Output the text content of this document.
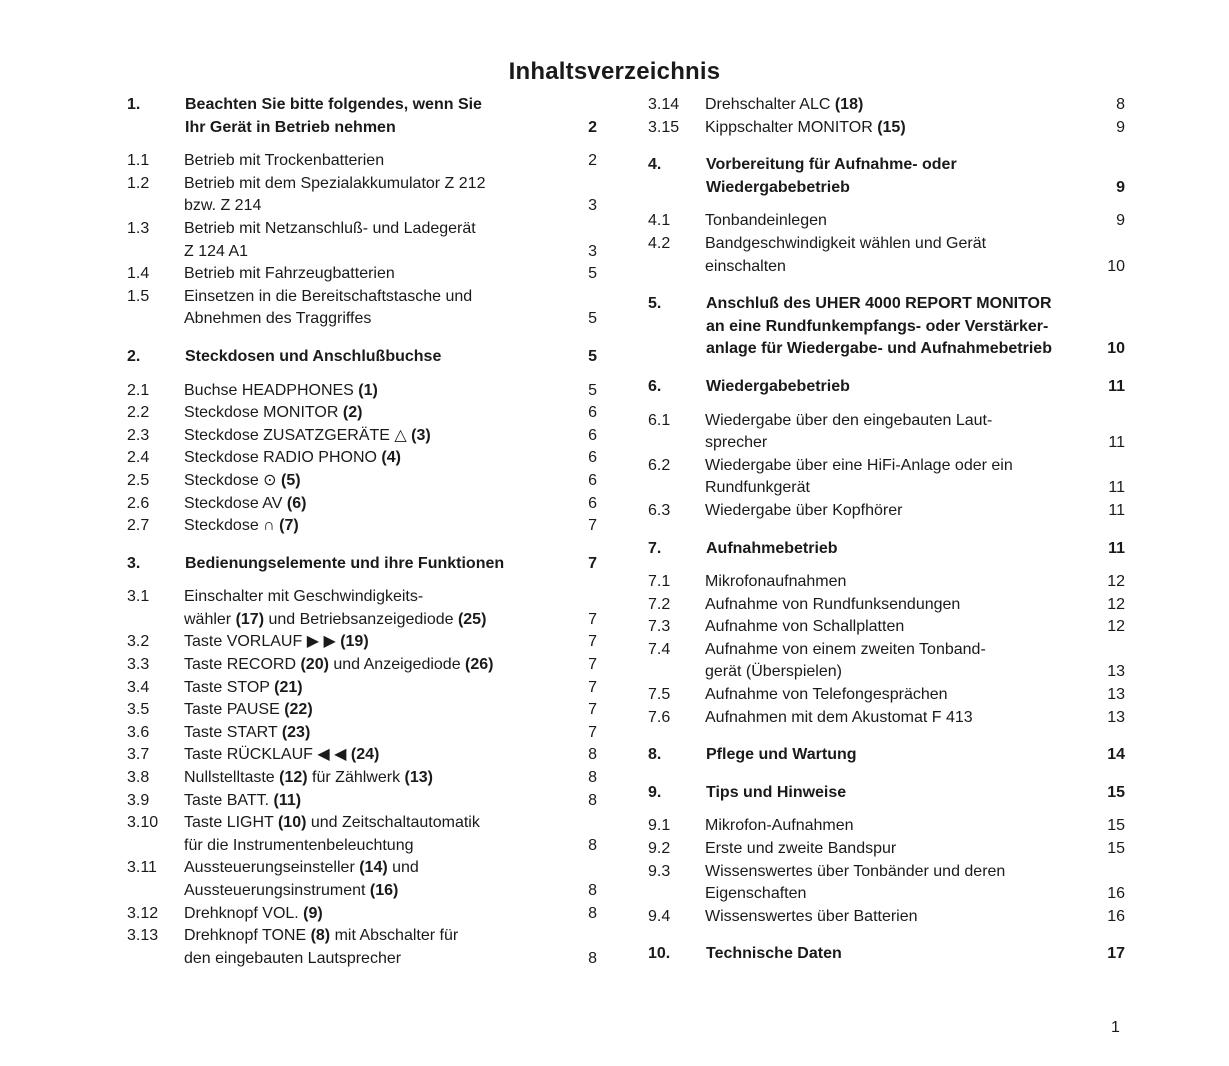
Inhaltsverzeichnis
1.	Beachten Sie bitte folgendes, wenn Sie
Ihr Gerät in Betrieb nehmen	2
1.1 Betrieb mit Trockenbatterien	2
1.2 Betrieb mit dem Spezialakkumulator Z 212
bzw. Z 214	3
1.3 Betrieb mit Netzanschluß- und Ladegerät
Z 124 A1	3
1.4 Betrieb mit Fahrzeugbatterien	5
1.5 Einsetzen in die Bereitschaftstasche und
Abnehmen des Traggriffes	5
2.	Steckdosen und Anschlußbuchse	5
2.1 Buchse HEADPHONES (1)	5
2.2 Steckdose MONITOR (2)	6
2.3 Steckdose ZUSATZGERÄTE △ (3)	6
2.4 Steckdose RADIO PHONO (4)	6
2.5 Steckdose ⊙ (5)	6
2.6 Steckdose AV (6)	6
2.7 Steckdose ∩ (7)	7
3.	Bedienungselemente und ihre Funktionen	7
3.1 Einschalter mit Geschwindigkeits-
wähler (17) und Betriebsanzeigediode (25)	7
3.2 Taste VORLAUF ▶ ▶ (19)	7
3.3 Taste RECORD (20) und Anzeigediode (26)	7
3.4 Taste STOP (21)	7
3.5 Taste PAUSE (22)	7
3.6 Taste START (23)	7
3.7 Taste RÜCKLAUF ◀ ◀ (24)	8
3.8 Nullstelltaste (12) für Zählwerk (13)	8
3.9 Taste BATT. (11)	8
3.10 Taste LIGHT (10) und Zeitschaltautomatik
für die Instrumentenbeleuchtung	8
3.11 Aussteuerungseinsteller (14) und
Aussteuerungsinstrument (16)	8
3.12 Drehknopf VOL. (9)	8
3.13 Drehknopf TONE (8) mit Abschalter für
den eingebauten Lautsprecher	8
3.14 Drehschalter ALC (18)	8
3.15 Kippschalter MONITOR (15)	9
4.	Vorbereitung für Aufnahme- oder
Wiedergabebetrieb	9
4.1 Tonbandeinlegen	9
4.2 Bandgeschwindigkeit wählen und Gerät
einschalten	10
5.	Anschluß des UHER 4000 REPORT MONITOR
an eine Rundfunkempfangs- oder Verstärker-
anlage für Wiedergabe- und Aufnahmebetrieb	10
6.	Wiedergabebetrieb	11
6.1 Wiedergabe über den eingebauten Laut-
sprecher	11
6.2 Wiedergabe über eine HiFi-Anlage oder ein
Rundfunkgerät	11
6.3 Wiedergabe über Kopfhörer	11
7.	Aufnahmebetrieb	11
7.1 Mikrofonaufnahmen	12
7.2 Aufnahme von Rundfunksendungen	12
7.3 Aufnahme von Schallplatten	12
7.4 Aufnahme von einem zweiten Tonband-
gerät (Überspielen)	13
7.5 Aufnahme von Telefongesprächen	13
7.6 Aufnahmen mit dem Akustomat F 413	13
8.	Pflege und Wartung	14
9.	Tips und Hinweise	15
9.1 Mikrofon-Aufnahmen	15
9.2 Erste und zweite Bandspur	15
9.3 Wissenswertes über Tonbänder und deren
Eigenschaften	16
9.4 Wissenswertes über Batterien	16
10. Technische Daten	17
1
